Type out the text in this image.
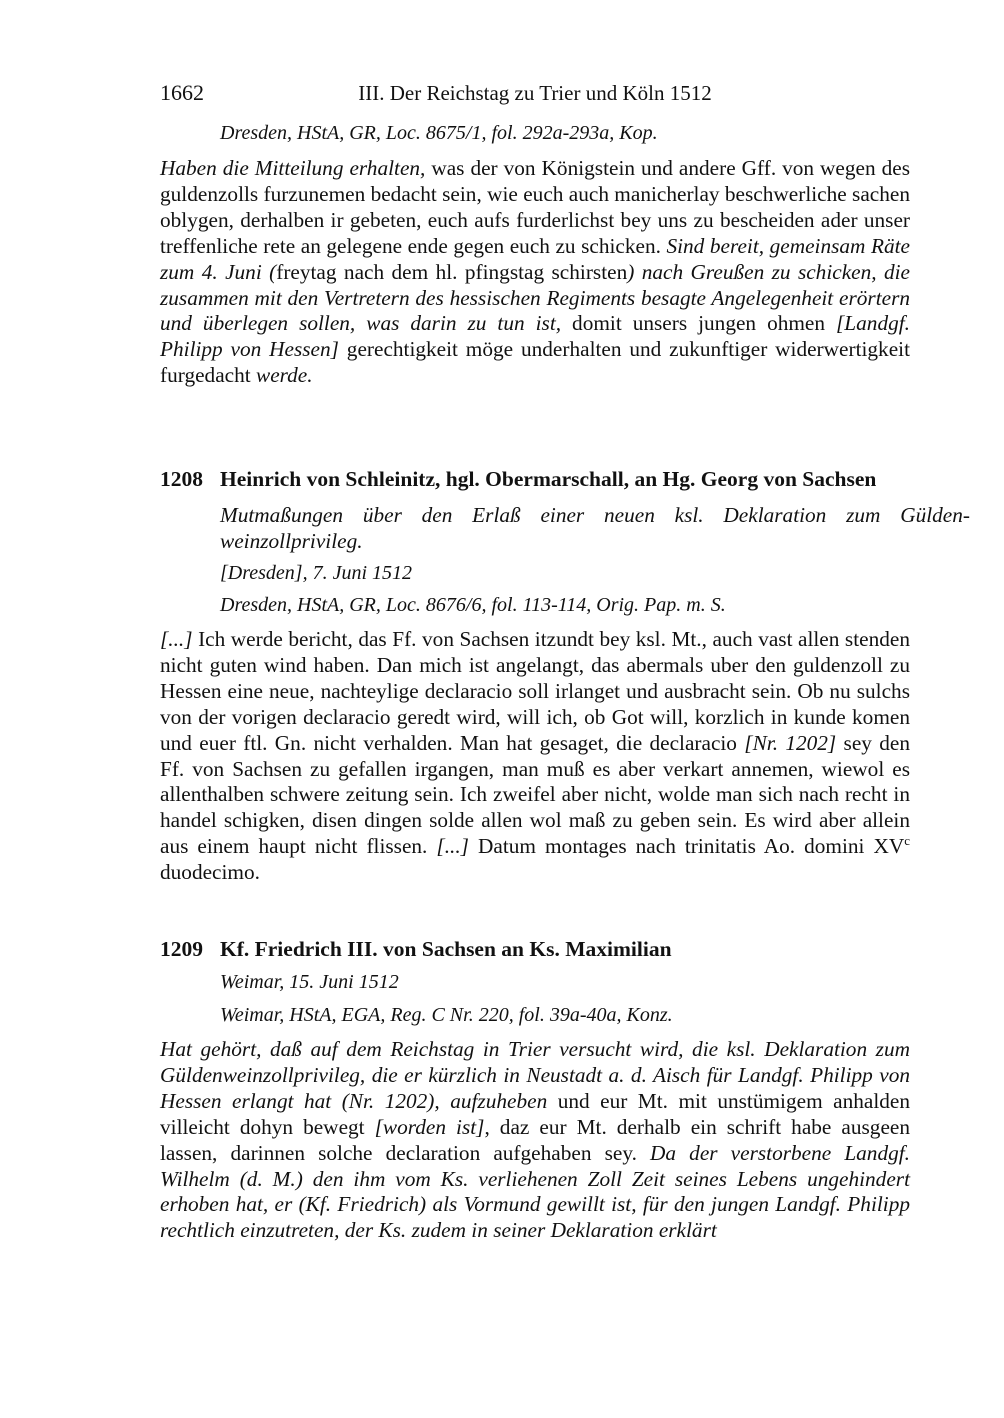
1662	III. Der Reichstag zu Trier und Köln 1512
Dresden, HStA, GR, Loc. 8675/1, fol. 292a-293a, Kop.
Haben die Mitteilung erhalten, was der von Königstein und andere Gff. von wegen des guldenzolls furzunemen bedacht sein, wie euch auch manicherlay beschwerliche sachen oblygen, derhalben ir gebeten, euch aufs furderlichst bey uns zu bescheiden ader unser treffenliche rete an gelegene ende gegen euch zu schicken. Sind bereit, gemeinsam Räte zum 4. Juni (freytag nach dem hl. pfingstag schirsten) nach Greußen zu schicken, die zusammen mit den Vertretern des hessischen Regiments besagte Angelegenheit erörtern und überlegen sollen, was darin zu tun ist, domit unsers jungen ohmen [Landgf. Philipp von Hessen] gerechtigkeit möge underhalten und zukunftiger widerwertigkeit furgedacht werde.
1208 Heinrich von Schleinitz, hgl. Obermarschall, an Hg. Georg von Sachsen
Mutmaßungen über den Erlaß einer neuen ksl. Deklaration zum Güldenweinzollprivileg.
[Dresden], 7. Juni 1512
Dresden, HStA, GR, Loc. 8676/6, fol. 113-114, Orig. Pap. m. S.
[...] Ich werde bericht, das Ff. von Sachsen itzundt bey ksl. Mt., auch vast allen stenden nicht guten wind haben. Dan mich ist angelangt, das abermals uber den guldenzoll zu Hessen eine neue, nachteylige declaracio soll irlanget und ausbracht sein. Ob nu sulchs von der vorigen declaracio geredt wird, will ich, ob Got will, korzlich in kunde komen und euer ftl. Gn. nicht verhalden. Man hat gesaget, die declaracio [Nr. 1202] sey den Ff. von Sachsen zu gefallen irgangen, man muß es aber verkart annemen, wiewol es allenthalben schwere zeitung sein. Ich zweifel aber nicht, wolde man sich nach recht in handel schigken, disen dingen solde allen wol maß zu geben sein. Es wird aber allein aus einem haupt nicht flissen. [...] Datum montages nach trinitatis Ao. domini $XV^c$ duodecimo.
1209 Kf. Friedrich III. von Sachsen an Ks. Maximilian
Weimar, 15. Juni 1512
Weimar, HStA, EGA, Reg. C Nr. 220, fol. 39a-40a, Konz.
Hat gehört, daß auf dem Reichstag in Trier versucht wird, die ksl. Deklaration zum Güldenweinzollprivileg, die er kürzlich in Neustadt a. d. Aisch für Landgf. Philipp von Hessen erlangt hat (Nr. 1202), aufzuheben und eur Mt. mit unstümigem anhalden villeicht dohyn bewegt [worden ist], daz eur Mt. derhalb ein schrift habe ausgeen lassen, darinnen solche declaration aufgehaben sey. Da der verstorbene Landgf. Wilhelm (d. M.) den ihm vom Ks. verliehenen Zoll Zeit seines Lebens ungehindert erhoben hat, er (Kf. Friedrich) als Vormund gewillt ist, für den jungen Landgf. Philipp rechtlich einzutreten, der Ks. zudem in seiner Deklaration erklärt
